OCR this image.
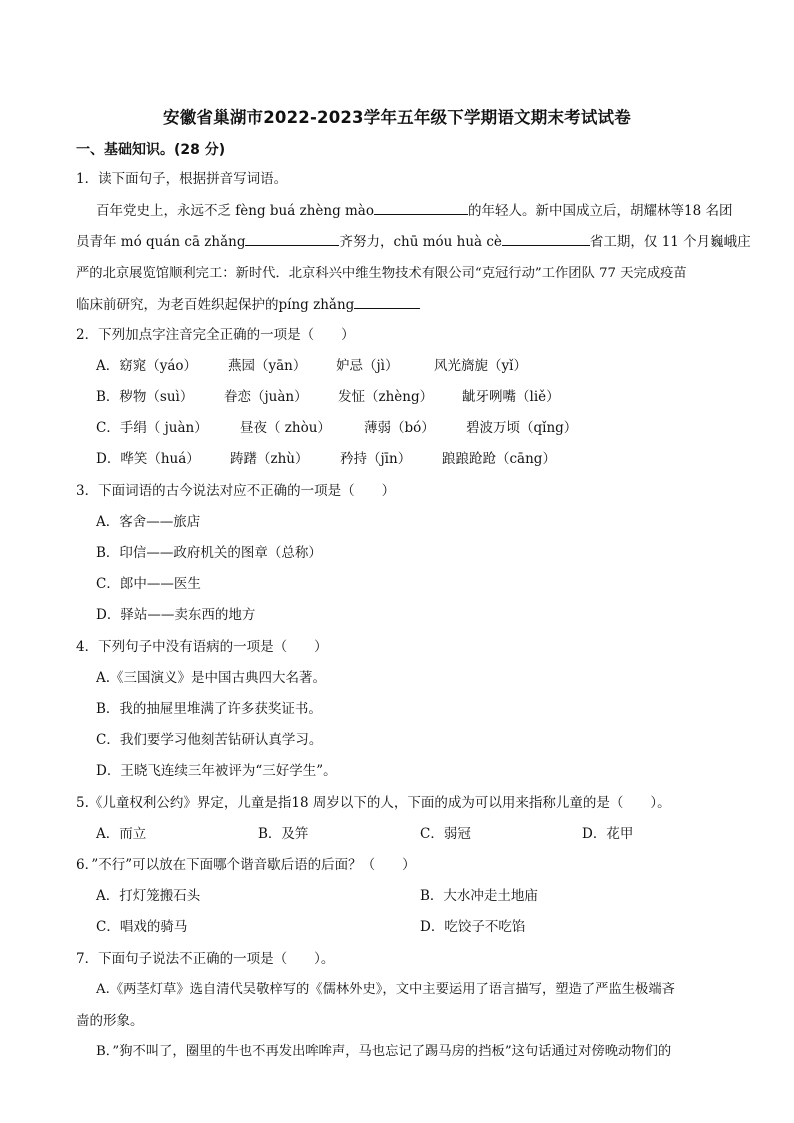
安徽省巢湖市2022-2023学年五年级下学期语文期末考试试卷
一、基础知识。(28 分)
1．读下面句子，根据拼音写词语。
百年党史上，永远不乏 fèng buá zhèng mào	的年轻人。新中国成立后，胡耀林等18 名团
员青年 mó quán cā zhǎng	齐努力，chū móu huà cè	省工期，仅 11 个月巍峨庄
严的北京展览馆顺利完工：新时代．北京科兴中维生物技术有限公司“克冠行动”工作团队 77 天完成疫苗
临床前研究，为老百姓织起保护的píng zhǎng
2．下列加点字注音完全正确的一项是（　　）
A．窈窕（yáo） 燕园（yān） 妒忌（jì）	风光旖旎（yǐ）
B．秽物（suì） 眷恋（juàn） 发怔（zhèng） 龇牙咧嘴（liě）
C．手绢（ juàn） 昼夜（ zhòu） 薄弱（bó） 碧波万顷（qǐng）
D．哗笑（huá） 踌躇（zhù） 矜持（jīn） 踉踉跄跄（cāng）
3．下面词语的古今说法对应不正确的一项是（　　）
A．客舍——旅店
B．印信——政府机关的图章（总称）
C．郎中——医生
D．驿站——卖东西的地方
4．下列句子中没有语病的一项是（　　）
A.《三国演义》是中国古典四大名著。
B．我的抽屉里堆满了许多获奖证书。
C．我们要学习他刻苦钻研认真学习。
D．王晓飞连续三年被评为“三好学生”。
5.《儿童权利公约》界定，儿童是指18 周岁以下的人，下面的成为可以用来指称儿童的是（　　）。
A．而立	B．及笄	C．弱冠	D．花甲
6．”不行”可以放在下面哪个谐音歇后语的后面？（　　）
A．打灯笼搬石头	B．大水冲走土地庙
C．唱戏的骑马	D．吃饺子不吃馅
7．下面句子说法不正确的一项是（　　）。
A.《两茎灯草》选自清代吴敬梓写的《儒林外史》，文中主要运用了语言描写，塑造了严监生极端吝
啬的形象。
B．”狗不叫了，圈里的牛也不再发出哞哞声，马也忘记了踢马房的挡板”这句话通过对傍晚动物们的
